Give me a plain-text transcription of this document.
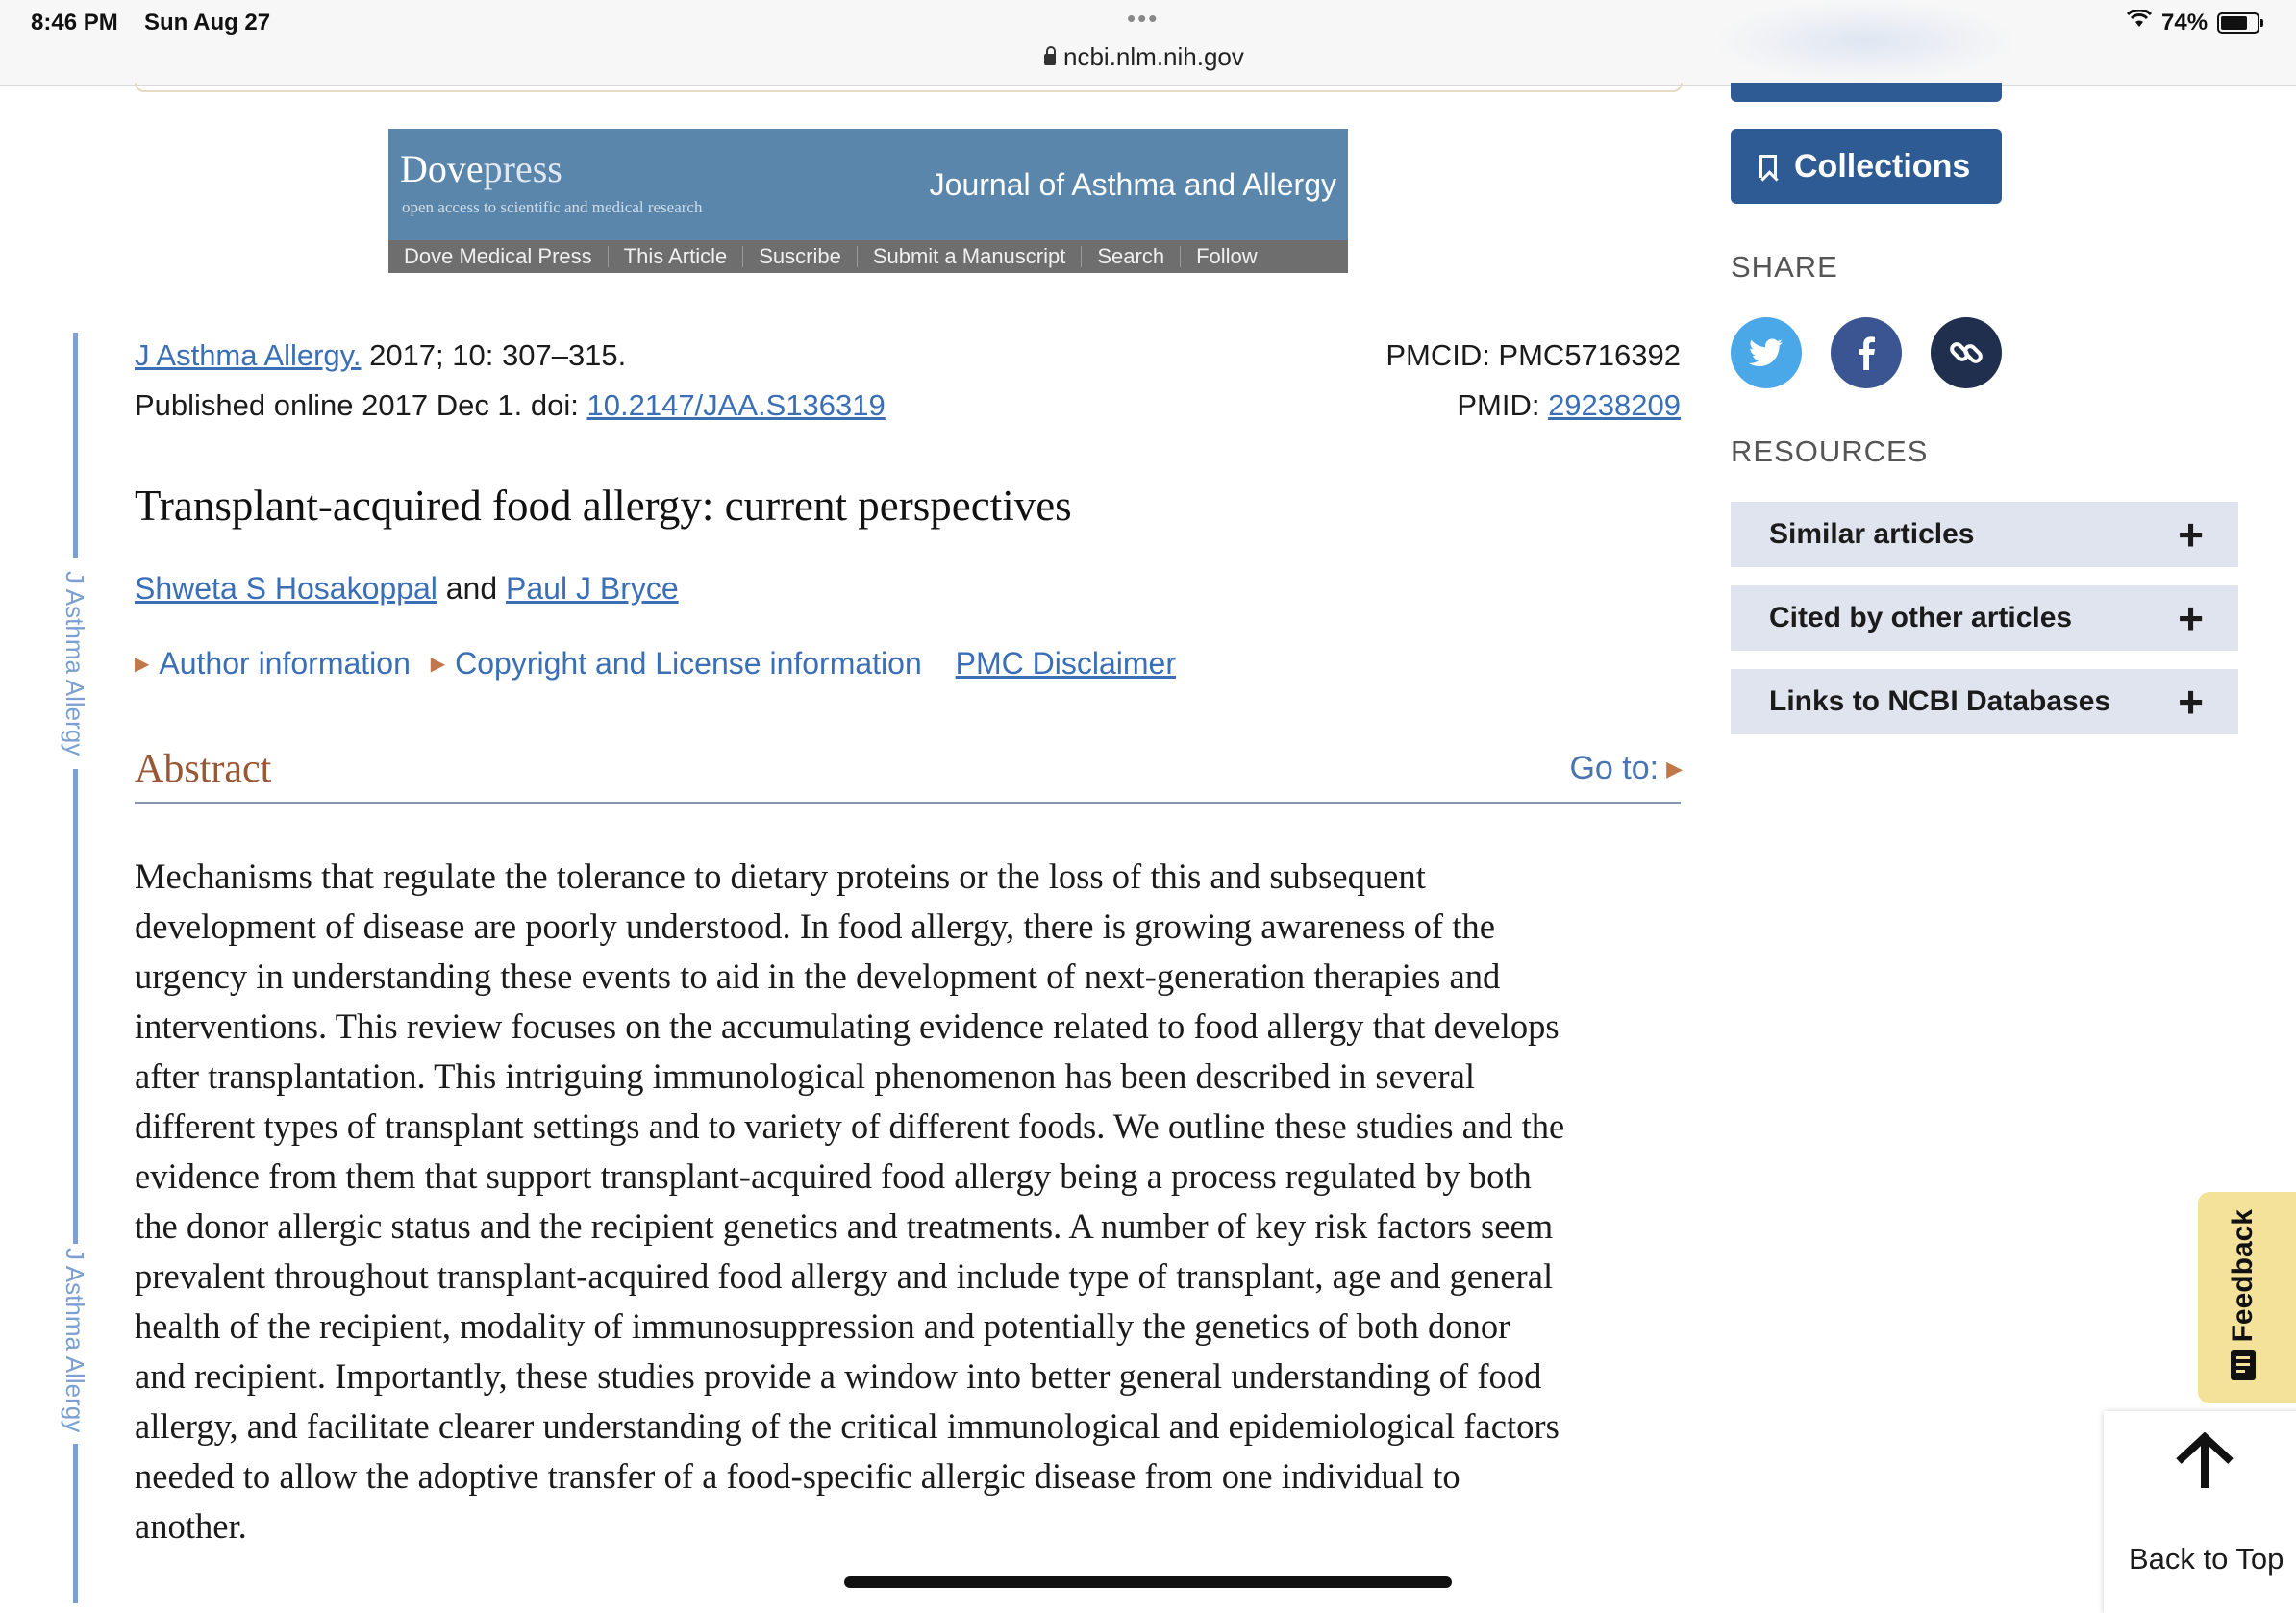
8:46 PM Sun Aug 27	•••
ncbi.nlm.nih.gov
74%
Dovepress
open access to scientific and medical research
Journal of Asthma and Allergy
Dove Medical Press	This Article	Suscribe	Submit a Manuscript	Search	Follow
J Asthma Allergy
J Asthma Allergy
J Asthma Allergy. 2017; 10: 307–315.
Published online 2017 Dec 1. doi: 10.2147/JAA.S136319
PMCID: PMC5716392
PMID: 29238209
Transplant-acquired food allergy: current perspectives
Shweta S Hosakoppal and Paul J Bryce
▶ Author information ▶ Copyright and License information PMC Disclaimer
Abstract	Go to: ▶
Mechanisms that regulate the tolerance to dietary proteins or the loss of this and subsequent
development of disease are poorly understood. In food allergy, there is growing awareness of the
urgency in understanding these events to aid in the development of next-generation therapies and
interventions. This review focuses on the accumulating evidence related to food allergy that develops
after transplantation. This intriguing immunological phenomenon has been described in several
different types of transplant settings and to variety of different foods. We outline these studies and the
evidence from them that support transplant-acquired food allergy being a process regulated by both
the donor allergic status and the recipient genetics and treatments. A number of key risk factors seem
prevalent throughout transplant-acquired food allergy and include type of transplant, age and general
health of the recipient, modality of immunosuppression and potentially the genetics of both donor
and recipient. Importantly, these studies provide a window into better general understanding of food
allergy, and facilitate clearer understanding of the critical immunological and epidemiological factors
needed to allow the adoptive transfer of a food-specific allergic disease from one individual to
another.
Collections
SHARE
RESOURCES
Similar articles	+
Cited by other articles +
Links to NCBI Databases +
Feedback
Back to Top
